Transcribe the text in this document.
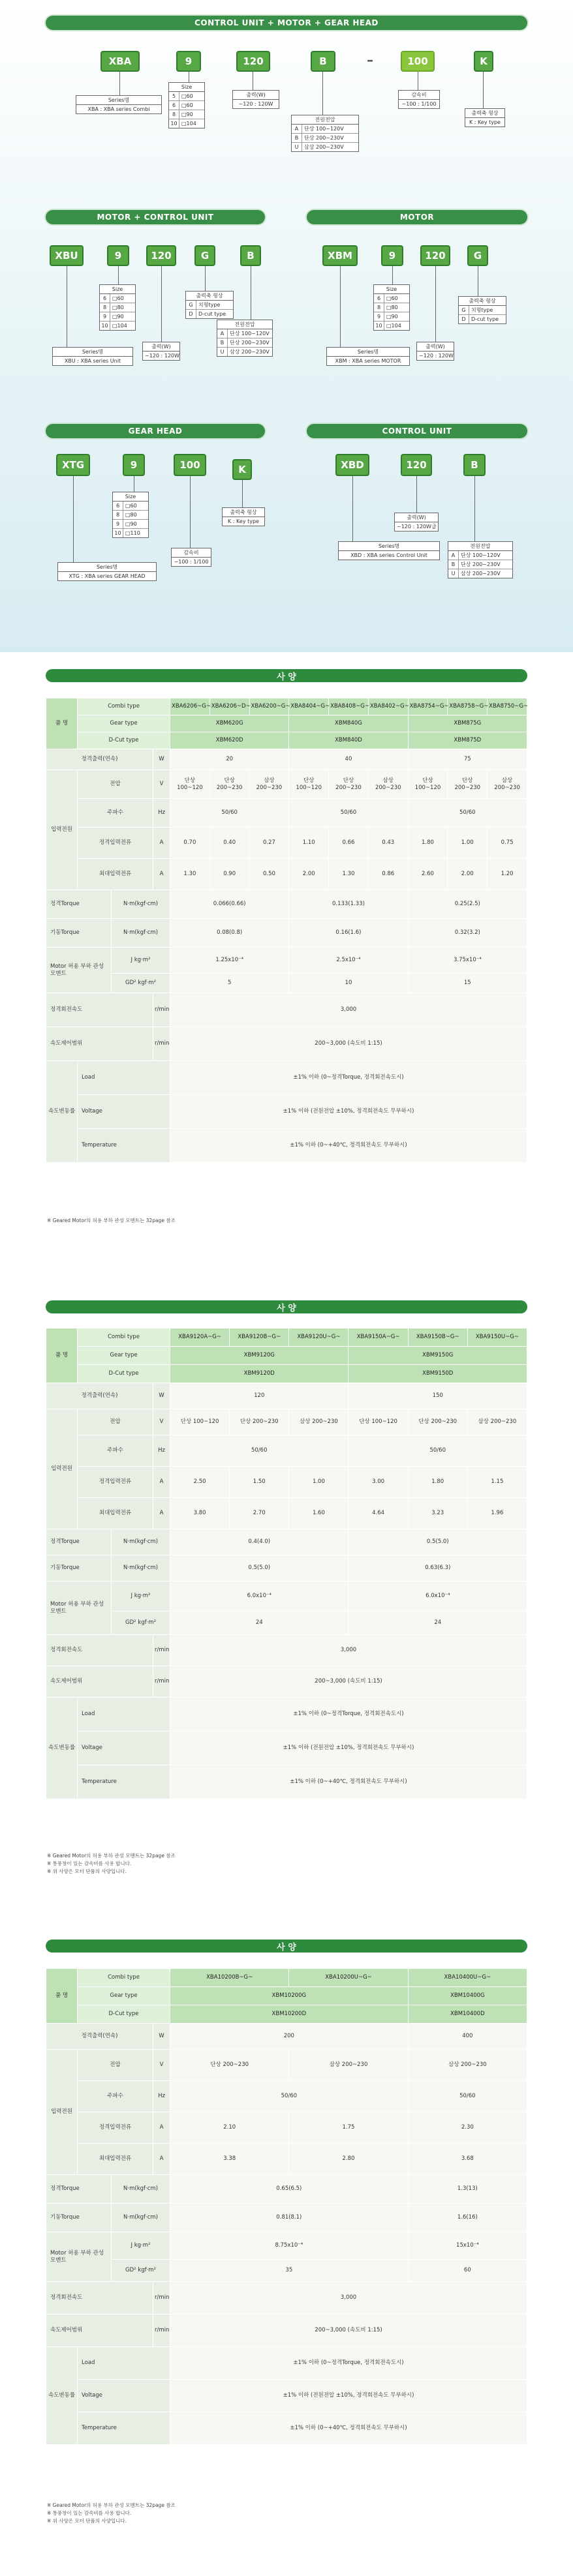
CONTROL UNIT + MOTOR + GEAR HEAD
XBA	9	120	B	–	100	K
Size
5	□60
6	□60
8	□90
10 □104
Series명
XBA : XBA series Combi
출력(W)
~120 : 120W
전원전압
A	단상 100~120V
B	단상 200~230V
U	삼상 200~230V
감속비
~100 : 1/100
출력축 형상
K : Key type
MOTOR + CONTROL UNIT
XBU	9	120	G	B
Size
6	□60
8	□80
9	□90
10 □104
출력축 형상
G	치형type
D	D-cut type
전원전압
A	단상 100~120V
B	단상 200~230V
U	삼상 200~230V
출력(W)
~120 : 120W
Series명
XBU : XBA series Unit
MOTOR
XBM	9	120	G
Size
6	□60
8	□80
9	□90
10 □104
출력축 형상
G	치형type
D	D-cut type
출력(W)
~120 : 120W
Series명
XBM : XBA series MOTOR
GEAR HEAD
XTG	9	100	K
Size
6	□60
8	□80
9	□90
10 □110
출력축 형상
K : Key type
감속비
~100 : 1/100
Series명
XTG : XBA series GEAR HEAD
CONTROL UNIT
XBD	120	B
출력(W)
~120 : 120W급
Series명
XBD : XBA series Control Unit
전원전압
A	단상 100~120V
B	단상 200~230V
U	삼상 200~230V
사 양
품 명	Combi type			XBA6206~G~	XBA6206~D~	XBA6200~G~	XBA8404~G~	XBA8408~G~	XBA8402~G~	XBA8754~G~	XBA8758~G~	XBA8750~G~
	Gear type			XBM620G			XBM840G			XBM875G		
	D-Cut type			XBM620D			XBM840D			XBM875D		
정격출력(연속)			W	20			40			75		
입력전원	전압		V	단상 100~120	단상 200~230	삼상 200~230	단상 100~120	단상 200~230	삼상 200~230	단상 100~120	단상 200~230	삼상 200~230
	주파수		Hz	50/60			50/60			50/60		
	정격입력전류		A	0.70	0.40	0.27	1.10	0.66	0.43	1.80	1.00	0.75
	최대입력전류		A	1.30	0.90	0.50	2.00	1.30	0.86	2.60	2.00	1.20
정격Torque		N·m(kgf·cm)		0.066(0.66)			0.133(1.33)			0.25(2.5)		
기동Torque		N·m(kgf·cm)		0.08(0.8)			0.16(1.6)			0.32(3.2)		
Motor 허용 부하 관성 모멘트		J kg·m²		1.25x10⁻⁴			2.5x10⁻⁴			3.75x10⁻⁴		
		GD² kgf·m²		5			10			15		
정격회전속도			r/min	3,000								
속도제어범위			r/min	200~3,000 (속도비 1:15)								
속도변동률	Load			±1% 이하 (0~정격Torque, 정격회전속도시)								
	Voltage			±1% 이하 (전원전압 ±10%, 정격회전속도 무부하시)								
	Temperature			±1% 이하 (0~+40℃, 정격회전속도 무부하시)								
※ Geared Motor의 허용 부하 관성 모멘트는 32page 참조
사 양
품 명	Combi type			XBA9120A~G~	XBA9120B~G~	XBA9120U~G~	XBA9150A~G~	XBA9150B~G~	XBA9150U~G~
	Gear type			XBM9120G			XBM9150G		
	D-Cut type			XBM9120D			XBM9150D		
정격출력(연속)			W	120			150		
입력전원	전압		V	단상 100~120	단상 200~230	삼상 200~230	단상 100~120	단상 200~230	삼상 200~230
	주파수		Hz	50/60			50/60		
	정격입력전류		A	2.50	1.50	1.00	3.00	1.80	1.15
	최대입력전류		A	3.80	2.70	1.60	4.64	3.23	1.96
정격Torque		N·m(kgf·cm)		0.4(4.0)			0.5(5.0)		
기동Torque		N·m(kgf·cm)		0.5(5.0)			0.63(6.3)		
Motor 허용 부하 관성 모멘트		J kg·m²		6.0x10⁻⁴			6.0x10⁻⁴		
		GD² kgf·m²		24			24		
정격회전속도			r/min	3,000					
속도제어범위			r/min	200~3,000 (속도비 1:15)					
속도변동률	Load			±1% 이하 (0~정격Torque, 정격회전속도시)					
	Voltage			±1% 이하 (전원전압 ±10%, 정격회전속도 무부하시)					
	Temperature			±1% 이하 (0~+40℃, 정격회전속도 무부하시)					
※ Geared Motor의 허용 부하 관성 모멘트는 32page 참조
※ 통풍창이 있는 감속비를 사용 합니다.
※ 위 사양은 모터 단품의 사양입니다.
사 양
품 명	Combi type			XBA10200B~G~	XBA10200U~G~	XBA10400U~G~
	Gear type			XBM10200G		XBM10400G
	D-Cut type			XBM10200D		XBM10400D
정격출력(연속)			W	200		400
입력전원	전압		V	단상 200~230	삼상 200~230	삼상 200~230
	주파수		Hz	50/60		50/60
	정격입력전류		A	2.10	1.75	2.30
	최대입력전류		A	3.38	2.80	3.68
정격Torque		N·m(kgf·cm)		0.65(6.5)		1.3(13)
기동Torque		N·m(kgf·cm)		0.81(8.1)		1.6(16)
Motor 허용 부하 관성 모멘트		J kg·m²		8.75x10⁻⁴		15x10⁻⁴
		GD² kgf·m²		35		60
정격회전속도			r/min	3,000		
속도제어범위			r/min	200~3,000 (속도비 1:15)		
속도변동률	Load			±1% 이하 (0~정격Torque, 정격회전속도시)		
	Voltage			±1% 이하 (전원전압 ±10%, 정격회전속도 무부하시)		
	Temperature			±1% 이하 (0~+40℃, 정격회전속도 무부하시)		
※ Geared Motor의 허용 부하 관성 모멘트는 32page 참조
※ 통풍창이 있는 감속비를 사용 합니다.
※ 위 사양은 모터 단품의 사양입니다.
